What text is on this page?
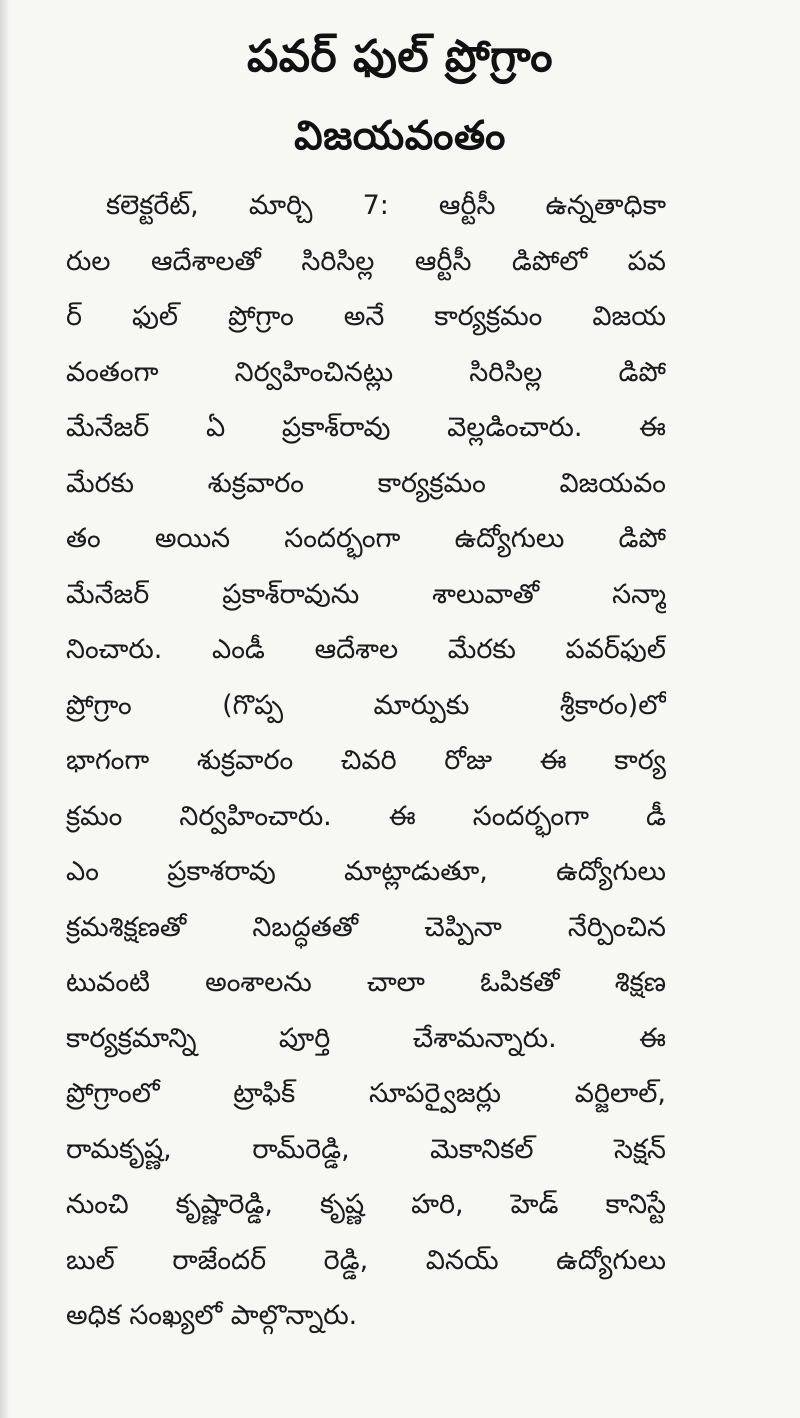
పవర్ ఫుల్ ప్రోగ్రాం
విజయవంతం
కలెక్టరేట్, మార్చి 7: ఆర్టీసీ ఉన్నతాధికా
రుల ఆదేశాలతో సిరిసిల్ల ఆర్టీసీ డిపోలో పవ
ర్ ఫుల్ ప్రోగ్రాం అనే కార్యక్రమం విజయ
వంతంగా నిర్వహించినట్లు సిరిసిల్ల డిపో
మేనేజర్ ఏ ప్రకాశ్‌రావు వెల్లడించారు. ఈ
మేరకు శుక్రవారం కార్యక్రమం విజయవం
తం అయిన సందర్భంగా ఉద్యోగులు డిపో
మేనేజర్ ప్రకాశ్‌రావును శాలువాతో సన్మా
నించారు. ఎండీ ఆదేశాల మేరకు పవర్‌ఫుల్
ప్రోగ్రాం (గొప్ప మార్పుకు శ్రీకారం)లో
భాగంగా శుక్రవారం చివరి రోజు ఈ కార్య
క్రమం నిర్వహించారు. ఈ సందర్భంగా డీ
ఎం ప్రకాశరావు మాట్లాడుతూ, ఉద్యోగులు
క్రమశిక్షణతో నిబద్ధతతో చెప్పినా నేర్పించిన
టువంటి అంశాలను చాలా ఓపికతో శిక్షణ
కార్యక్రమాన్ని పూర్తి చేశామన్నారు. ఈ
ప్రోగ్రాంలో ట్రాఫిక్ సూపర్వైజర్లు వర్జిలాల్,
రామకృష్ణ, రామ్‌రెడ్డి, మెకానికల్ సెక్షన్
నుంచి కృష్ణారెడ్డి, కృష్ణ హరి, హెడ్ కానిస్టే
బుల్ రాజేందర్ రెడ్డి, వినయ్ ఉద్యోగులు
అధిక సంఖ్యలో పాల్గొన్నారు.
